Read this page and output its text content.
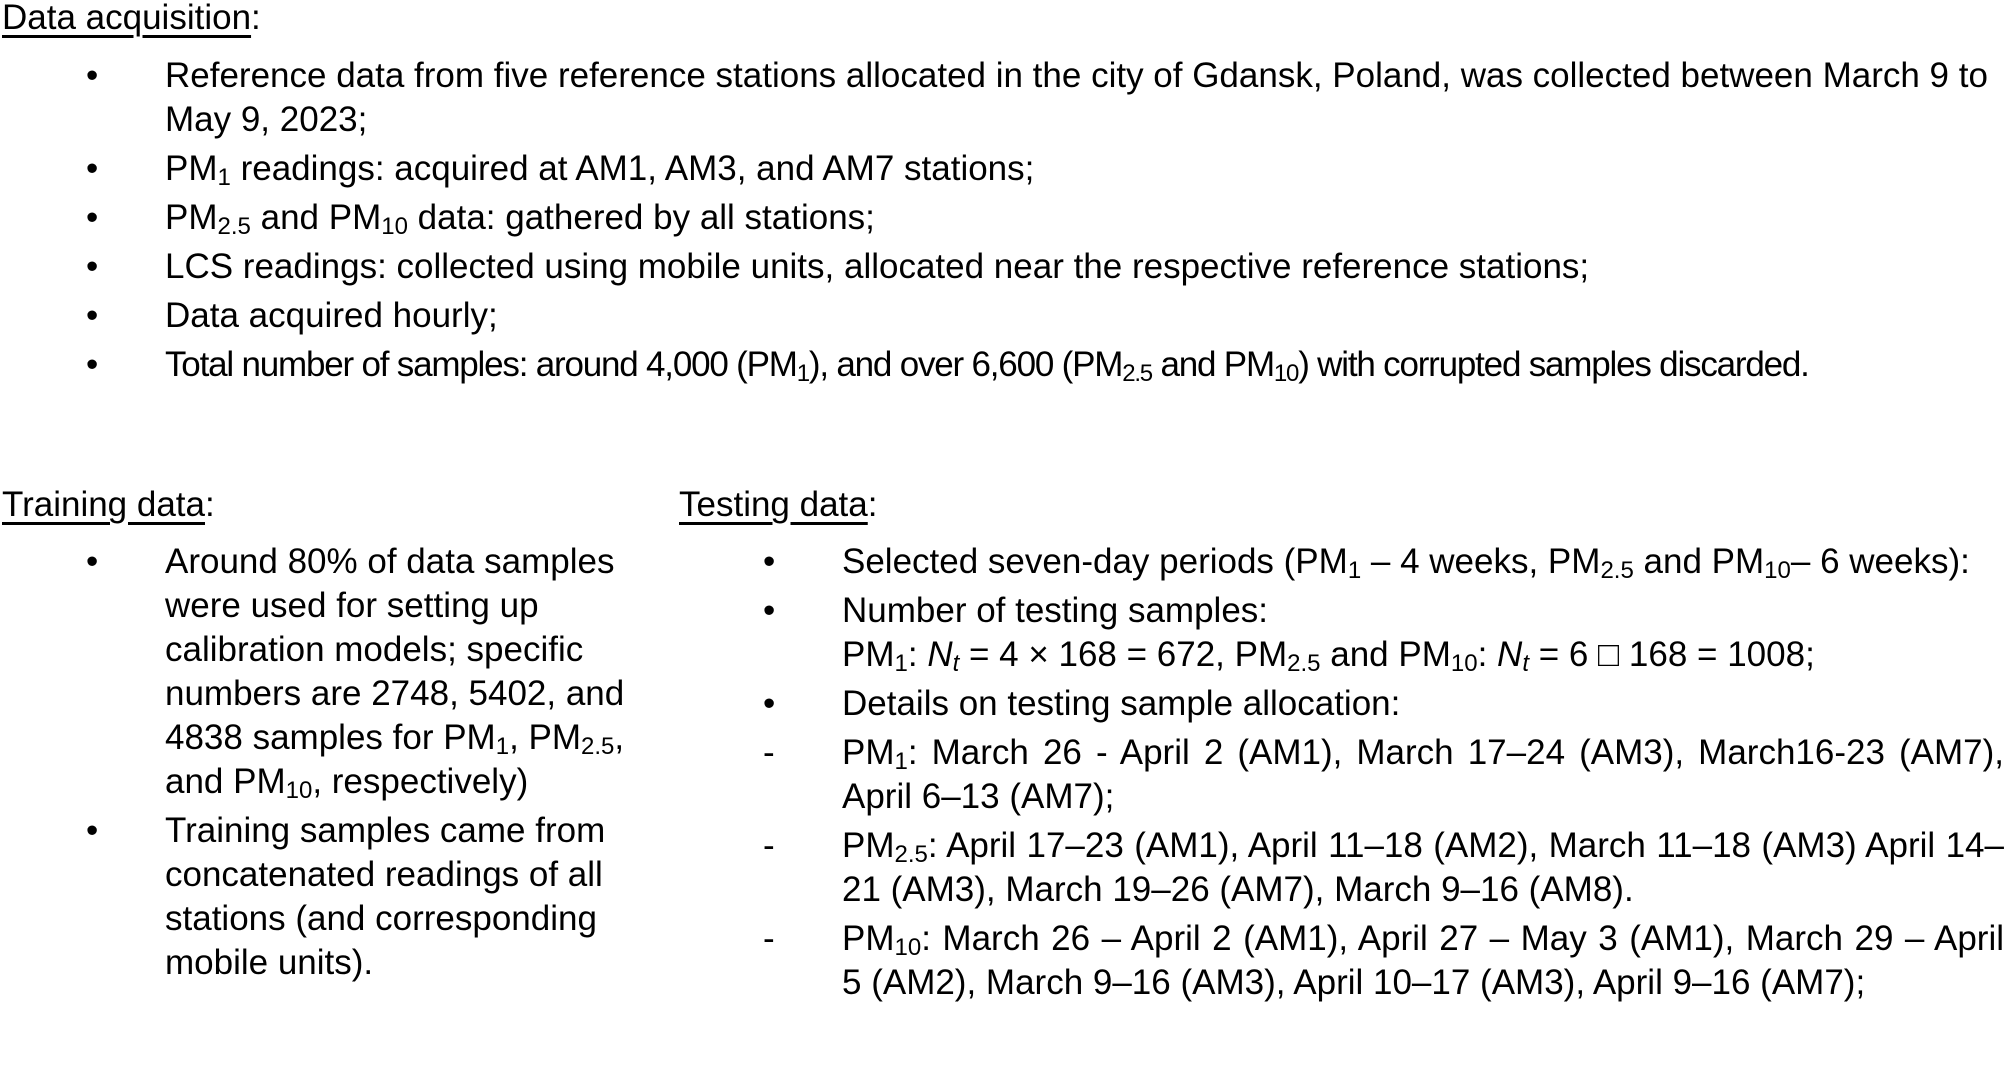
Data acquisition:
•	Reference data from five reference stations allocated in the city of Gdansk, Poland, was collected between March 9 to May 9, 2023;
•	$PM_1$ readings: acquired at AM1, AM3, and AM7 stations;
•	$PM_{2.5}$ and $PM_{10}$ data: gathered by all stations;
•	LCS readings: collected using mobile units, allocated near the respective reference stations;
•	Data acquired hourly;
•	Total number of samples: around 4,000 $(PM_1)$, and over 6,600 ($PM_{2.5}$ and $PM_{10}$) with corrupted samples discarded.
Training data:
•	Around 80% of data samples were used for setting up calibration models; specific numbers are 2748, 5402, and 4838 samples for $PM_1$, $PM_{2.5}$, and $PM_{10}$, respectively)
•	Training samples came from concatenated readings of all stations (and corresponding mobile units).
Testing data:
•	Selected seven-day periods ($PM_1 - 4$ weeks, $PM_{2.5}$ and $PM_{10}-$ 6 weeks):
•	Number of testing samples:
$PM_1$: $N_t = 4 \times 168 = 672$, $PM_{2.5}$ and $PM_{10}$: $N_t = 6$ □ 168 = 1008;
•	Details on testing sample allocation:
-	$PM_1$: March 26 - April 2 (AM1), March 17–24 (AM3), March16-23 (AM7), April 6–13 (AM7);
-	$PM_{2.5}$: April 17–23 (AM1), April 11–18 (AM2), March 11–18 (AM3) April 14–21 (AM3), March 19–26 (AM7), March 9–16 (AM8).
-	$PM_{10}$: March 26 – April 2 (AM1), April 27 – May 3 (AM1), March 29 – April 5 (AM2), March 9–16 (AM3), April 10–17 (AM3), April 9–16 (AM7);
